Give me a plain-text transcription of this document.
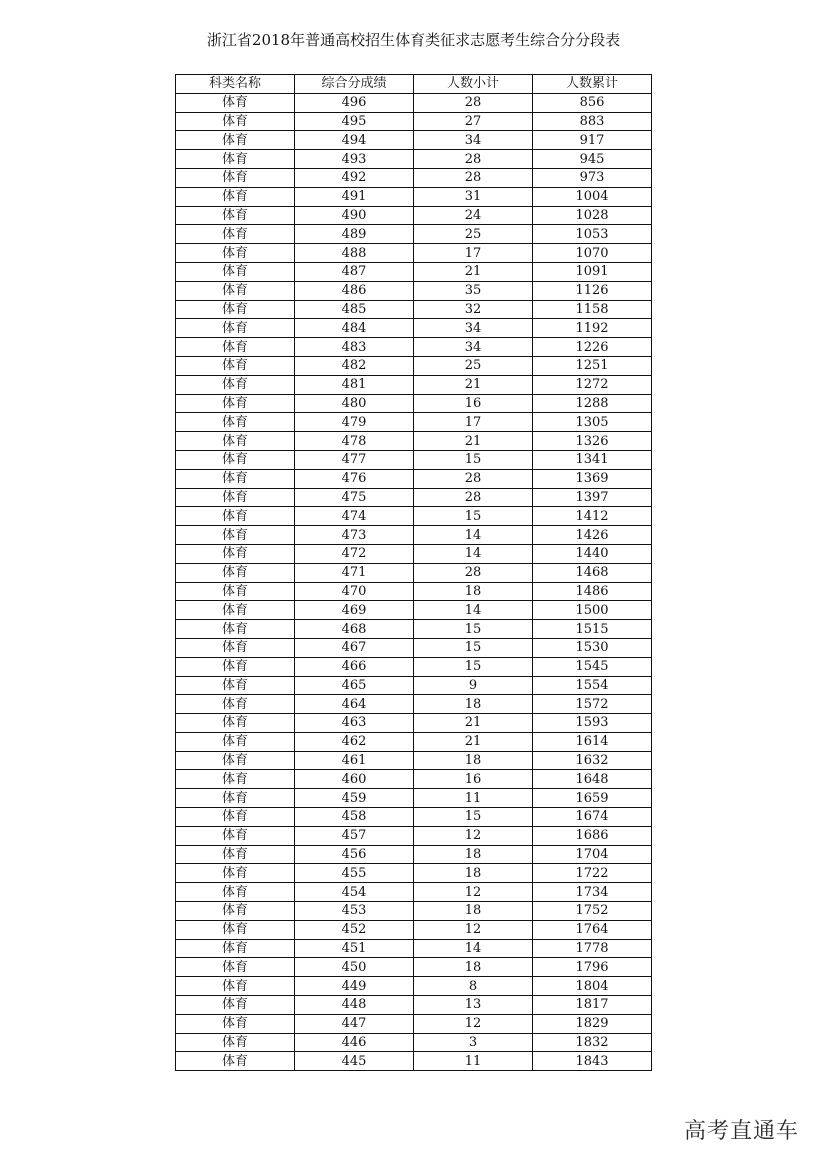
浙江省2018年普通高校招生体育类征求志愿考生综合分分段表
科类名称	综合分成绩	人数小计	人数累计
体育	496	28	856
体育	495	27	883
体育	494	34	917
体育	493	28	945
体育	492	28	973
体育	491	31	1004
体育	490	24	1028
体育	489	25	1053
体育	488	17	1070
体育	487	21	1091
体育	486	35	1126
体育	485	32	1158
体育	484	34	1192
体育	483	34	1226
体育	482	25	1251
体育	481	21	1272
体育	480	16	1288
体育	479	17	1305
体育	478	21	1326
体育	477	15	1341
体育	476	28	1369
体育	475	28	1397
体育	474	15	1412
体育	473	14	1426
体育	472	14	1440
体育	471	28	1468
体育	470	18	1486
体育	469	14	1500
体育	468	15	1515
体育	467	15	1530
体育	466	15	1545
体育	465	9	1554
体育	464	18	1572
体育	463	21	1593
体育	462	21	1614
体育	461	18	1632
体育	460	16	1648
体育	459	11	1659
体育	458	15	1674
体育	457	12	1686
体育	456	18	1704
体育	455	18	1722
体育	454	12	1734
体育	453	18	1752
体育	452	12	1764
体育	451	14	1778
体育	450	18	1796
体育	449	8	1804
体育	448	13	1817
体育	447	12	1829
体育	446	3	1832
体育	445	11	1843
高考直通车
